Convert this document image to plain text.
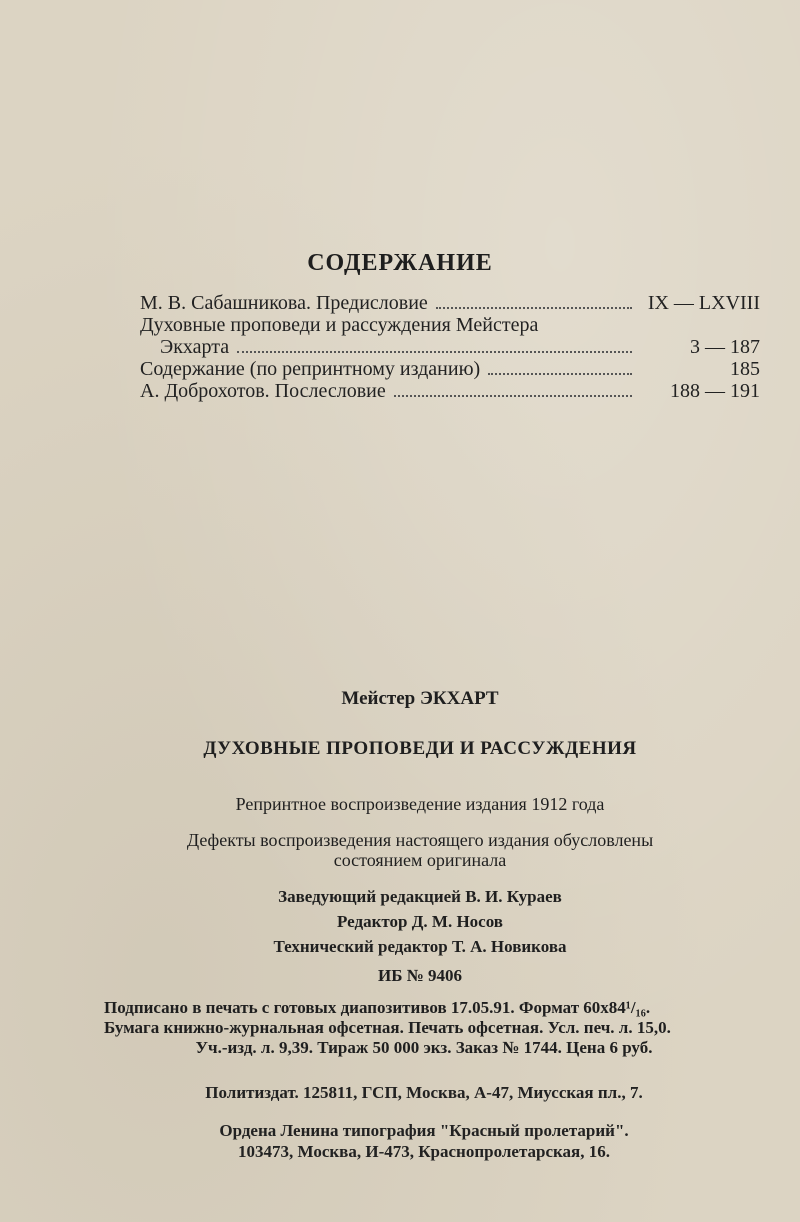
СОДЕРЖАНИЕ
М. В. Сабашникова. Предисловие	IX — LXVIII
Духовные проповеди и рассуждения Мейстера
Экхарта	3 — 187
Содержание (по репринтному изданию)	185
А. Доброхотов. Послесловие	188 — 191
Мейстер ЭКХАРТ
ДУХОВНЫЕ ПРОПОВЕДИ И РАССУЖДЕНИЯ
Репринтное воспроизведение издания 1912 года
Дефекты воспроизведения настоящего издания обусловлены
состоянием оригинала
Заведующий редакцией В. И. Кураев
Редактор Д. М. Носов
Технический редактор Т. А. Новикова
ИБ № 9406
Подписано в печать с готовых диапозитивов 17.05.91. Формат 60x84¹/₁₆.
Бумага книжно-журнальная офсетная. Печать офсетная. Усл. печ. л. 15,0.
Уч.-изд. л. 9,39. Тираж 50 000 экз. Заказ № 1744. Цена 6 руб.
Политиздат. 125811, ГСП, Москва, А-47, Миусская пл., 7.
Ордена Ленина типография "Красный пролетарий".
103473, Москва, И-473, Краснопролетарская, 16.
